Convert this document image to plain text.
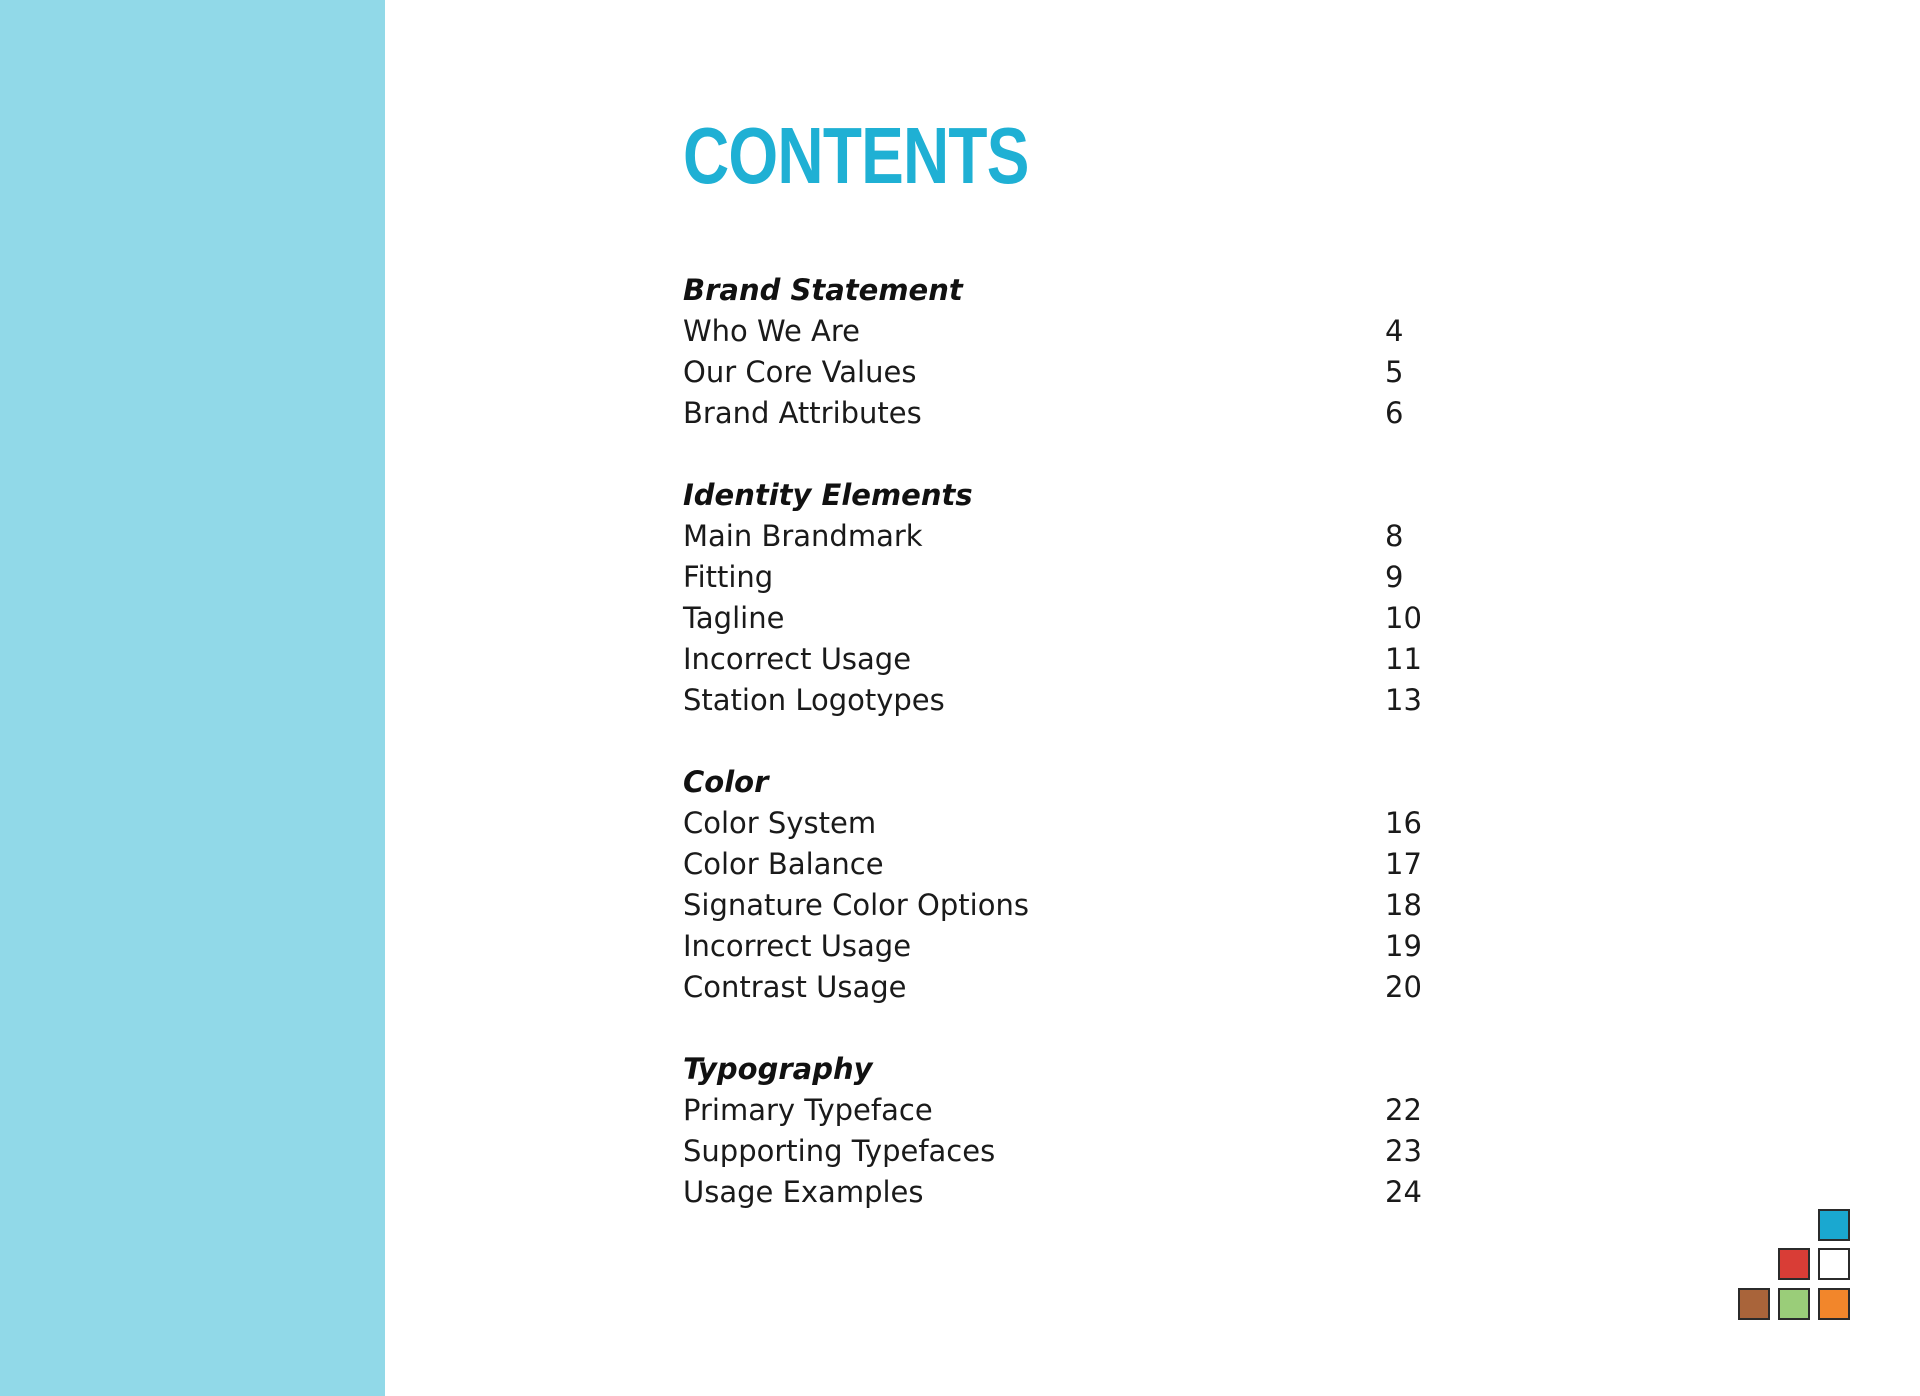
CONTENTS
Brand Statement
Who We Are	4
Our Core Values	5
Brand Attributes	6
Identity Elements
Main Brandmark	8
Fitting	9
Tagline	10
Incorrect Usage	11
Station Logotypes	13
Color
Color System	16
Color Balance	17
Signature Color Options	18
Incorrect Usage	19
Contrast Usage	20
Typography
Primary Typeface	22
Supporting Typefaces	23
Usage Examples	24
